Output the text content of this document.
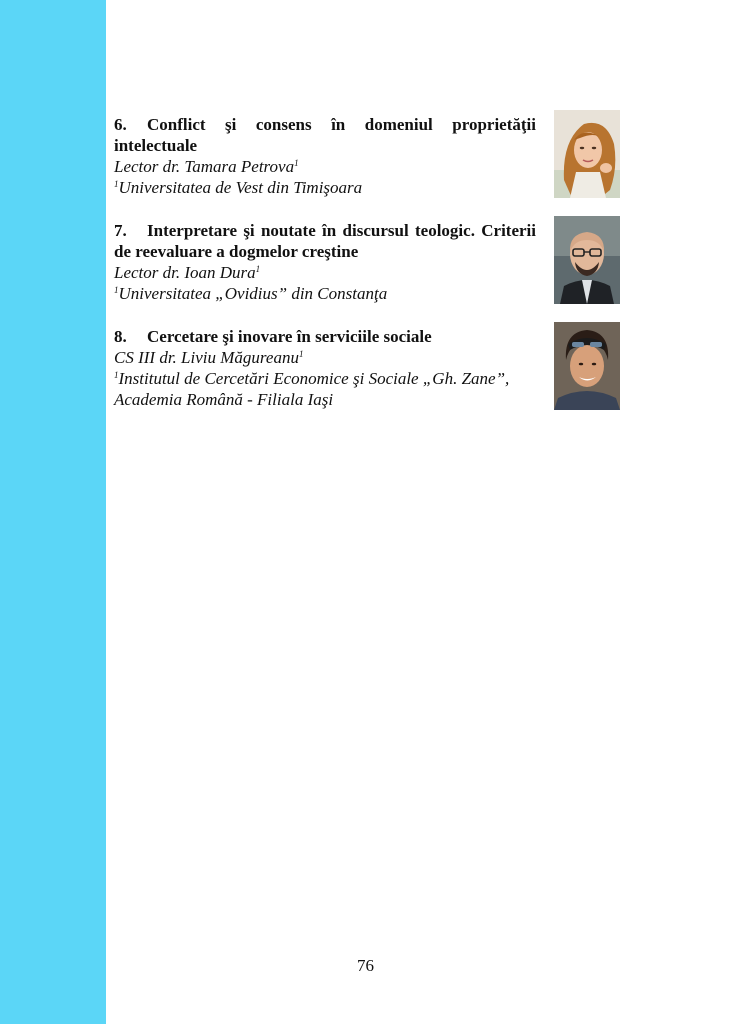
6. Conflict şi consens în domeniul proprietăţii intelectuale
Lector dr. Tamara Petrova$^1$
$^1$Universitatea de Vest din Timişoara
7. Interpretare şi noutate în discursul teologic. Criterii de reevaluare a dogmelor creştine
Lector dr. Ioan Dura$^1$
$^1$Universitatea „Ovidius” din Constanţa
8. Cercetare şi inovare în serviciile sociale
CS III dr. Liviu Măgureanu$^1$
$^1$Institutul de Cercetări Economice şi Sociale „Gh. Zane”, Academia Română - Filiala Iaşi
76
